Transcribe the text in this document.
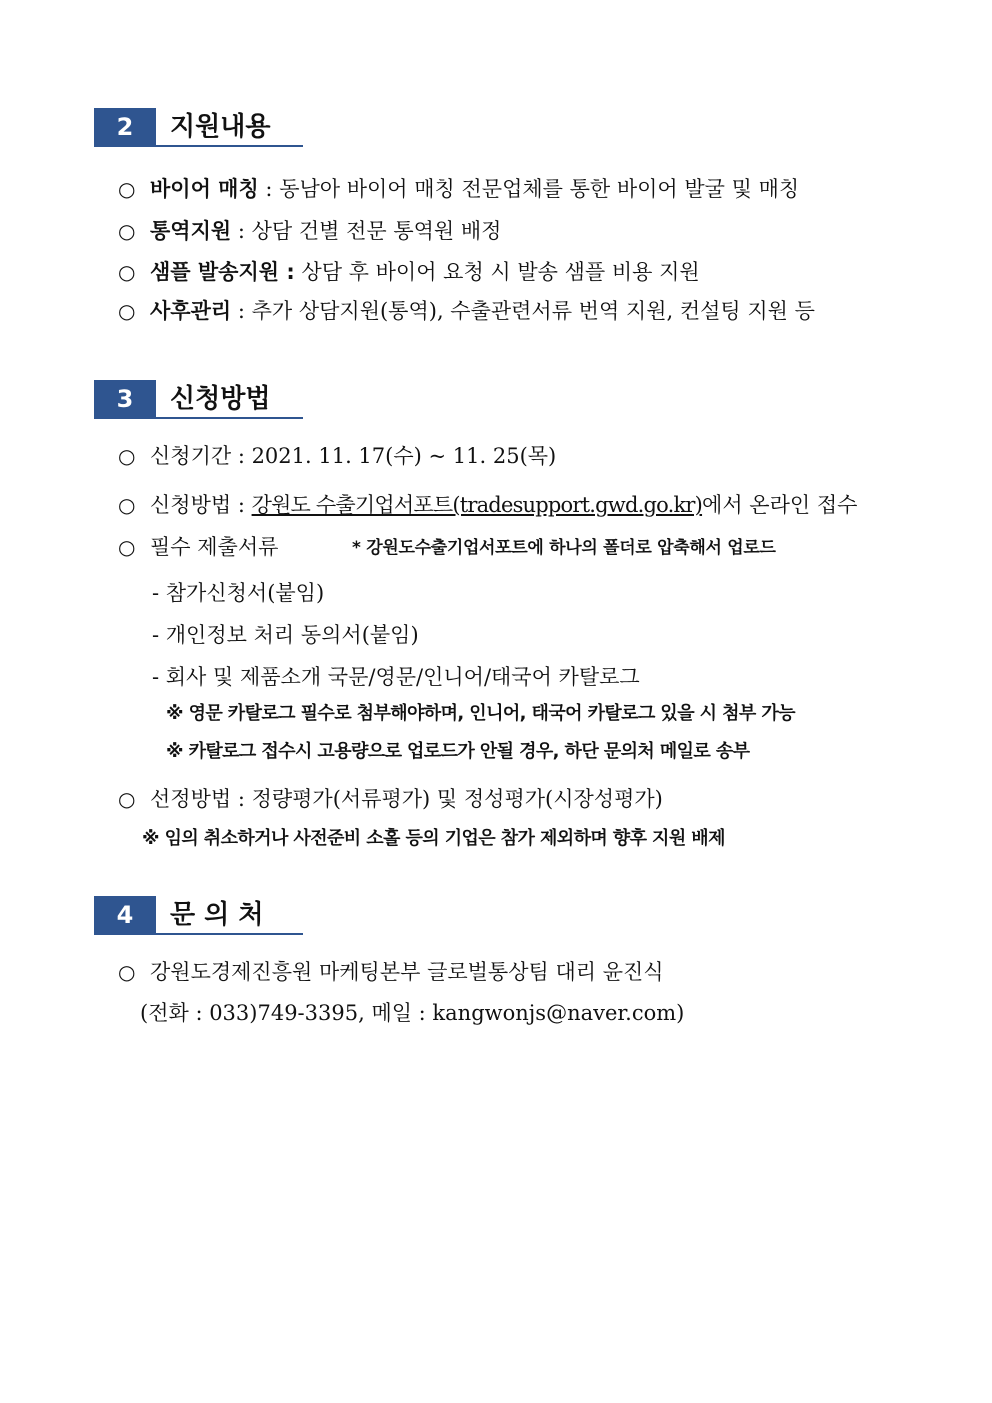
2	지원내용
○ 바이어 매칭 : 동남아 바이어 매칭 전문업체를 통한 바이어 발굴 및 매칭
○ 통역지원 : 상담 건별 전문 통역원 배정
○ 샘플 발송지원 : 상담 후 바이어 요청 시 발송 샘플 비용 지원
○ 사후관리 : 추가 상담지원(통역), 수출관련서류 번역 지원, 컨설팅 지원 등
3	신청방법
○ 신청기간 : 2021. 11. 17(수) ~ 11. 25(목)
○ 신청방법 : 강원도 수출기업서포트(tradesupport.gwd.go.kr)에서 온라인 접수
○ 필수 제출서류	* 강원도수출기업서포트에 하나의 폴더로 압축해서 업로드
- 참가신청서(붙임)
- 개인정보 처리 동의서(붙임)
- 회사 및 제품소개 국문/영문/인니어/태국어 카탈로그
※ 영문 카탈로그 필수로 첨부해야하며, 인니어, 태국어 카탈로그 있을 시 첨부 가능
※ 카탈로그 접수시 고용량으로 업로드가 안될 경우, 하단 문의처 메일로 송부
○ 선정방법 : 정량평가(서류평가) 및 정성평가(시장성평가)
※ 임의 취소하거나 사전준비 소홀 등의 기업은 참가 제외하며 향후 지원 배제
4	문 의 처
○ 강원도경제진흥원 마케팅본부 글로벌통상팀 대리 윤진식
(전화 : 033)749-3395, 메일 : kangwonjs@naver.com)
